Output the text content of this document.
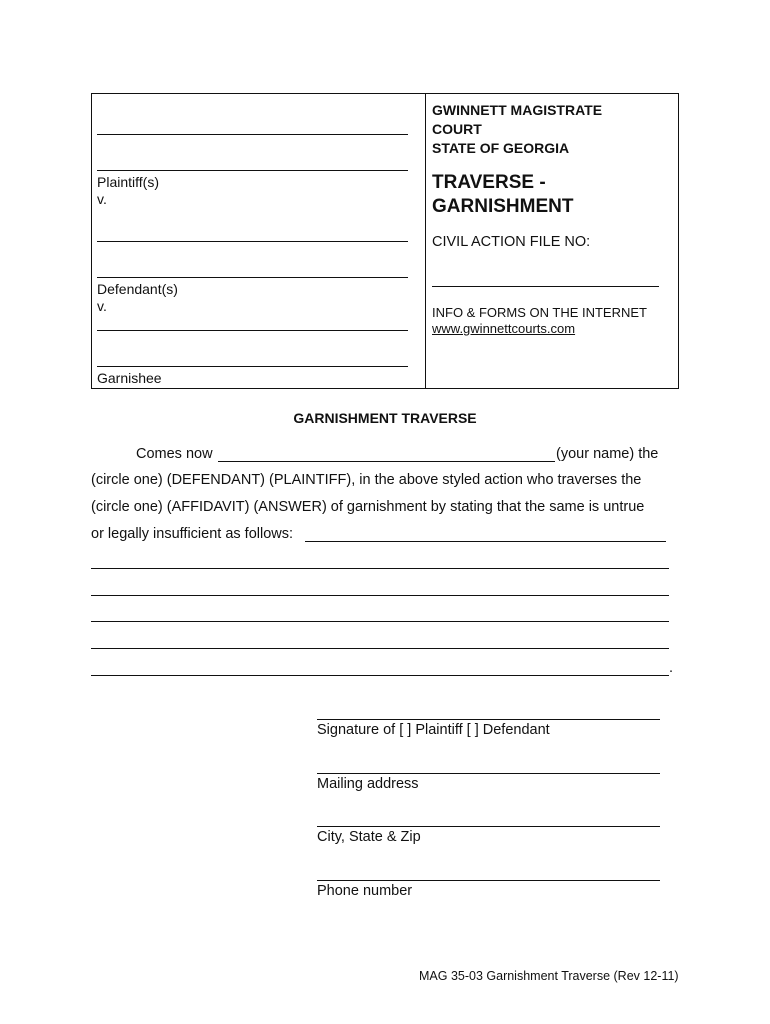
Plaintiff(s)
v.
Defendant(s)
v.
Garnishee
GWINNETT MAGISTRATE
COURT
STATE OF GEORGIA
TRAVERSE -
GARNISHMENT
CIVIL ACTION FILE NO:
INFO & FORMS ON THE INTERNET
www.gwinnettcourts.com
GARNISHMENT TRAVERSE
Comes now	(your name) the
(circle one) (DEFENDANT) (PLAINTIFF), in the above styled action who traverses the
(circle one) (AFFIDAVIT) (ANSWER) of garnishment by stating that the same is untrue
or legally insufficient as follows:
.
Signature of [ ] Plaintiff [ ] Defendant
Mailing address
City, State & Zip
Phone number
MAG 35-03 Garnishment Traverse (Rev 12-11)
